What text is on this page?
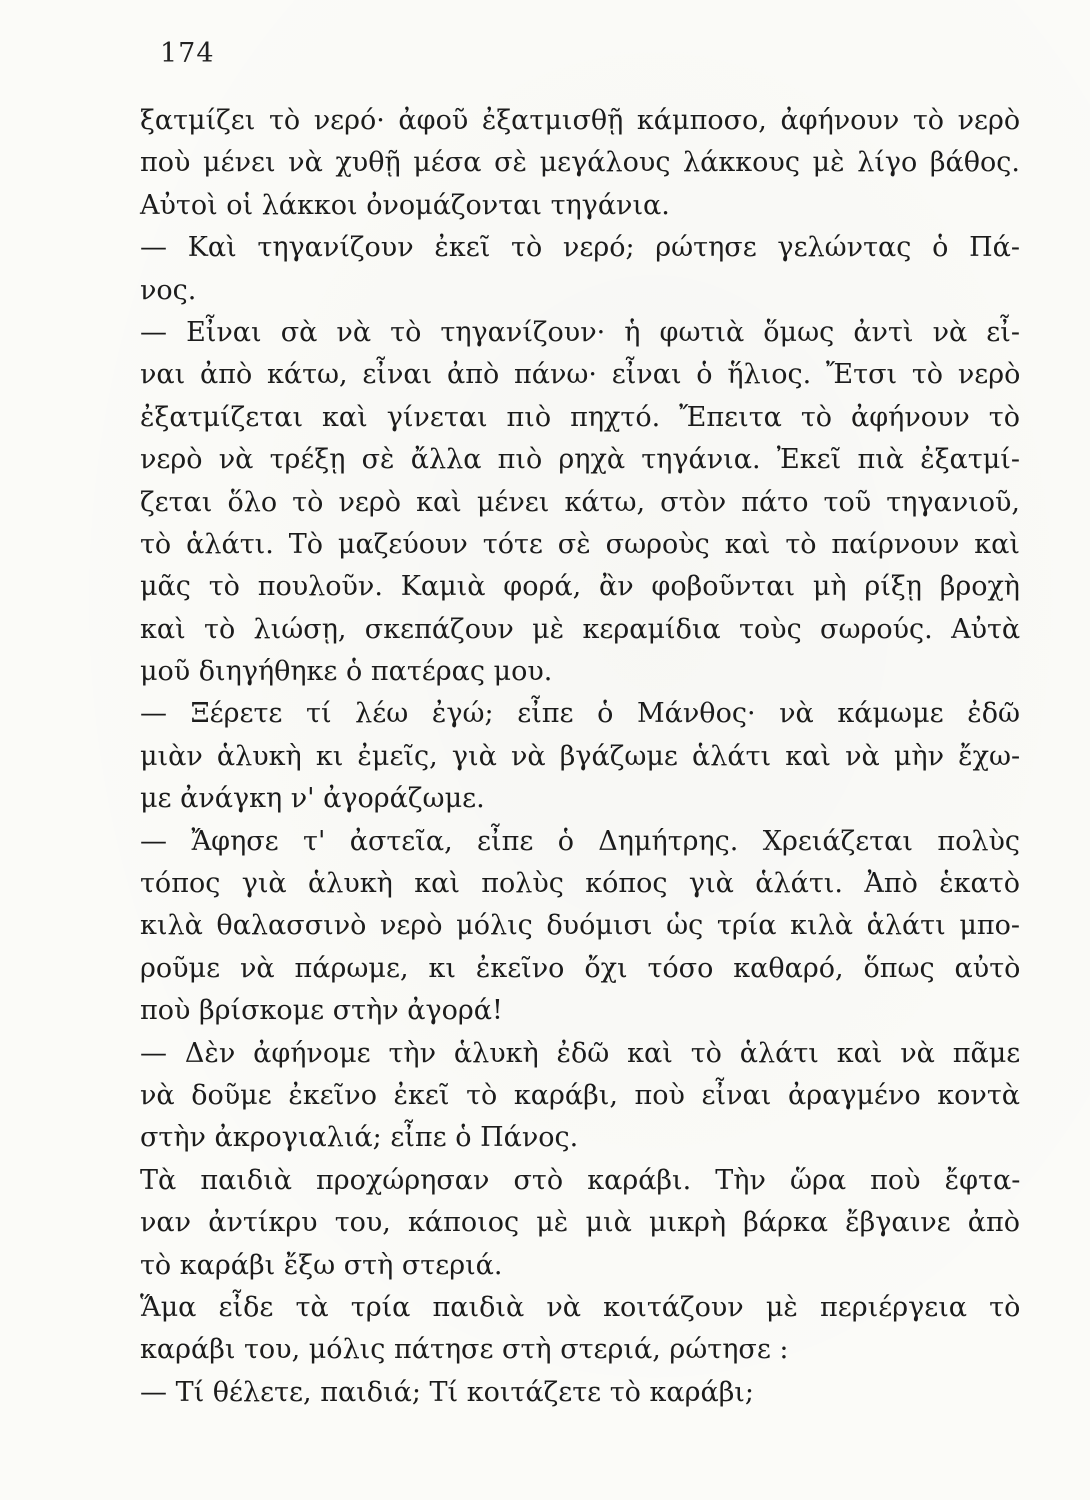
174
ξατμίζει τὸ νερό· ἀφοῦ ἐξατμισθῇ κάμποσο, ἀφήνουν τὸ νερὸ
ποὺ μένει νὰ χυθῇ μέσα σὲ μεγάλους λάκκους μὲ λίγο βάθος.
Αὐτοὶ οἱ λάκκοι ὀνομάζονται τηγάνια.
— Καὶ τηγανίζουν ἐκεῖ τὸ νερό; ρώτησε γελώντας ὁ Πά-
νος.
— Εἶναι σὰ νὰ τὸ τηγανίζουν· ἡ φωτιὰ ὅμως ἀντὶ νὰ εἶ-
ναι ἀπὸ κάτω, εἶναι ἀπὸ πάνω· εἶναι ὁ ἥλιος. Ἔτσι τὸ νερὸ
ἐξατμίζεται καὶ γίνεται πιὸ πηχτό. Ἔπειτα τὸ ἀφήνουν τὸ
νερὸ νὰ τρέξῃ σὲ ἄλλα πιὸ ρηχὰ τηγάνια. Ἐκεῖ πιὰ ἐξατμί-
ζεται ὅλο τὸ νερὸ καὶ μένει κάτω, στὸν πάτο τοῦ τηγανιοῦ,
τὸ ἁλάτι. Τὸ μαζεύουν τότε σὲ σωροὺς καὶ τὸ παίρνουν καὶ
μᾶς τὸ πουλοῦν. Καμιὰ φορά, ἂν φοβοῦνται μὴ ρίξῃ βροχὴ
καὶ τὸ λιώσῃ, σκεπάζουν μὲ κεραμίδια τοὺς σωρούς. Αὐτὰ
μοῦ διηγήθηκε ὁ πατέρας μου.
— Ξέρετε τί λέω ἐγώ; εἶπε ὁ Μάνθος· νὰ κάμωμε ἐδῶ
μιὰν ἁλυκὴ κι ἐμεῖς, γιὰ νὰ βγάζωμε ἁλάτι καὶ νὰ μὴν ἔχω-
με ἀνάγκη ν' ἀγοράζωμε.
— Ἄφησε τ' ἀστεῖα, εἶπε ὁ Δημήτρης. Χρειάζεται πολὺς
τόπος γιὰ ἁλυκὴ καὶ πολὺς κόπος γιὰ ἁλάτι. Ἀπὸ ἑκατὸ
κιλὰ θαλασσινὸ νερὸ μόλις δυόμισι ὡς τρία κιλὰ ἁλάτι μπο-
ροῦμε νὰ πάρωμε, κι ἐκεῖνο ὄχι τόσο καθαρό, ὅπως αὐτὸ
ποὺ βρίσκομε στὴν ἀγορά!
— Δὲν ἀφήνομε τὴν ἁλυκὴ ἐδῶ καὶ τὸ ἁλάτι καὶ νὰ πᾶμε
νὰ δοῦμε ἐκεῖνο ἐκεῖ τὸ καράβι, ποὺ εἶναι ἀραγμένο κοντὰ
στὴν ἀκρογιαλιά; εἶπε ὁ Πάνος.
Τὰ παιδιὰ προχώρησαν στὸ καράβι. Τὴν ὥρα ποὺ ἔφτα-
ναν ἀντίκρυ του, κάποιος μὲ μιὰ μικρὴ βάρκα ἔβγαινε ἀπὸ
τὸ καράβι ἔξω στὴ στεριά.
Ἅμα εἶδε τὰ τρία παιδιὰ νὰ κοιτάζουν μὲ περιέργεια τὸ
καράβι του, μόλις πάτησε στὴ στεριά, ρώτησε :
— Τί θέλετε, παιδιά; Τί κοιτάζετε τὸ καράβι;
